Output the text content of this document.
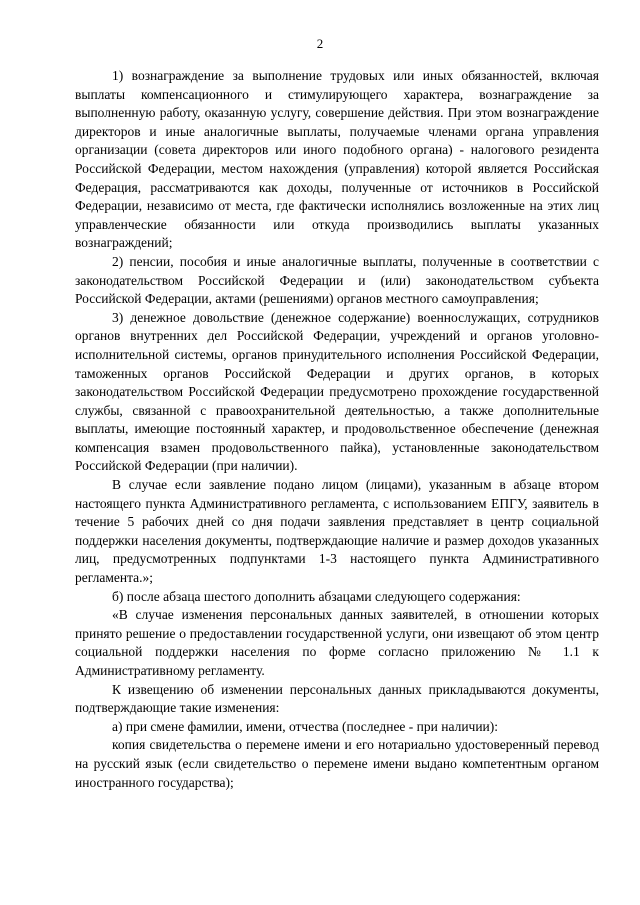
2

1) вознаграждение за выполнение трудовых или иных обязанностей, включая выплаты компенсационного и стимулирующего характера, вознаграждение за выполненную работу, оказанную услугу, совершение действия. При этом вознаграждение директоров и иные аналогичные выплаты, получаемые членами органа управления организации (совета директоров или иного подобного органа) - налогового резидента Российской Федерации, местом нахождения (управления) которой является Российская Федерация, рассматриваются как доходы, полученные от источников в Российской Федерации, независимо от места, где фактически исполнялись возложенные на этих лиц управленческие обязанности или откуда производились выплаты указанных вознаграждений;

2) пенсии, пособия и иные аналогичные выплаты, полученные в соответствии с законодательством Российской Федерации и (или) законодательством субъекта Российской Федерации, актами (решениями) органов местного самоуправления;

3) денежное довольствие (денежное содержание) военнослужащих, сотрудников органов внутренних дел Российской Федерации, учреждений и органов уголовно-исполнительной системы, органов принудительного исполнения Российской Федерации, таможенных органов Российской Федерации и других органов, в которых законодательством Российской Федерации предусмотрено прохождение государственной службы, связанной с правоохранительной деятельностью, а также дополнительные выплаты, имеющие постоянный характер, и продовольственное обеспечение (денежная компенсация взамен продовольственного пайка), установленные законодательством Российской Федерации (при наличии).

В случае если заявление подано лицом (лицами), указанным в абзаце втором настоящего пункта Административного регламента, с использованием ЕПГУ, заявитель в течение 5 рабочих дней со дня подачи заявления представляет в центр социальной поддержки населения документы, подтверждающие наличие и размер доходов указанных лиц, предусмотренных подпунктами 1-3 настоящего пункта Административного регламента.»;

б) после абзаца шестого дополнить абзацами следующего содержания:

«В случае изменения персональных данных заявителей, в отношении которых принято решение о предоставлении государственной услуги, они извещают об этом центр социальной поддержки населения по форме согласно приложению № 1.1 к Административному регламенту.

К извещению об изменении персональных данных прикладываются документы, подтверждающие такие изменения:

а) при смене фамилии, имени, отчества (последнее - при наличии):

копия свидетельства о перемене имени и его нотариально удостоверенный перевод на русский язык (если свидетельство о перемене имени выдано компетентным органом иностранного государства);
